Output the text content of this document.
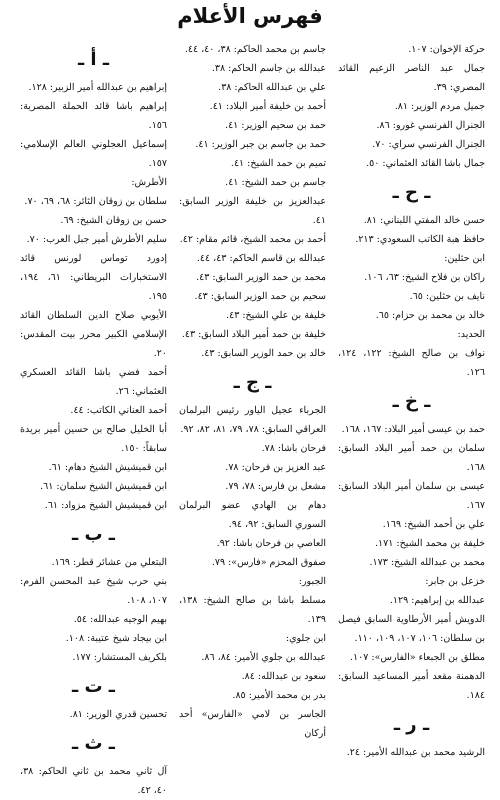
فهرس الأعلام
ـ أ ـ

إبراهيم بن عبدالله أمير الزبير: ١٢٨.

إبراهيم باشا قائد الحملة المصرية: ١٥٦.

إسماعيل العجلوني العالم الإسلامي: ١٥٧.

الأطرش:

سلطان بن زوقان الثائر: ٦٨، ٦٩، ٧٠.

حسن بن زوقان الشيخ: ٦٩.

سليم الأطرش أمير جبل العرب: ٧٠.

إدورد توماس لورنس قائد الاستخبارات البريطاني: ٦١، ١٩٤، ١٩٥.

الأيوبي صلاح الدين السلطان القائد الإسلامي الكبير محرر بيت المقدس: ٢٠.

أحمد فضي باشا القائد العسكري العثماني: ٢٦.

أحمد العناني الكاتب: ٤٤.

أبا الخليل صالح بن حسين أمير بريدة سابقاً: ١٥٠.

ابن قميشيش الشيخ دهام: ٦١.

ابن قميشيش الشيخ سلمان: ٦١.

ابن قميشيش الشيخ مزواد: ٦١.

ـ ب ـ

البتعلي من عشائر قطر: ١٦٩.

بني حرب شيخ عبد المحسن الفرم: ١٠٧، ١٠٨.

بهيم الوجيه عبدالله: ٥٤.

ابن بيجاد شيخ عتيبة: ١٠٨.

بلكريف المستشار: ١٧٧.

ـ ت ـ

تحسين قدري الوزير: ٨١.

ـ ث ـ

آل ثاني محمد بن ثاني الحاكم: ٣٨، ٤٠، ٤٢.

جاسم بن محمد الحاكم: ٣٨، ٤٠، ٤٤.

عبدالله بن جاسم الحاكم: ٣٨.

علي بن عبدالله الحاكم: ٣٨.

أحمد بن خليفة أمير البلاد: ٤١.

حمد بن سحيم الوزير: ٤١.

حمد بن جاسم بن جبر الوزير: ٤١.

تميم بن حمد الشيخ: ٤١.

جاسم بن حمد الشيخ: ٤١.

عبدالعزيز بن خليفة الوزير السابق: ٤١.

أحمد بن محمد الشيخ، قائم مقام: ٤٢.

عبدالله بن قاسم الحاكم: ٤٣، ٤٤.

محمد بن حمد الوزير السابق: ٤٣.

سحيم بن حمد الوزير السابق: ٤٣.

خليفة بن علي الشيخ: ٤٣.

خليفة بن حمد أمير البلاد السابق: ٤٣.

خالد بن حمد الوزير السابق: ٤٣.

ـ ج ـ

الجرباء عجيل الياور رئيس البرلمان العراقي السابق: ٧٨، ٧٩، ٨١، ٨٢، ٩٢.

فرحان باشا: ٧٨.

عبد العزيز بن فرحان: ٧٨.

مشعل بن فارس: ٧٨، ٧٩.

دهام بن الهادي عضو البرلمان السوري السابق: ٩٢، ٩٤.

العاصي بن فرحان باشا: ٩٢.

صفوق المحزم «فارس»: ٧٩.

الجبور:

مسلط باشا بن صالح الشيخ: ١٣٨، ١٣٩.

ابن جلوي:

عبدالله بن جلوي الأمير: ٨٤، ٨٦.

سعود بن عبدالله: ٨٤.

بدر بن محمد الأمير: ٨٥.

الجاسر بن لامي «الفارس» أحد أركان

حركة الإخوان: ١٠٧.

جمال عبد الناصر الزعيم القائد المصري: ٣٩.

جميل مردم الوزير: ٨١.

الجنرال الفرنسي غورو: ٨٦.

الجنرال الفرنسي سراي: ٧٠.

جمال باشا القائد العثماني: ٥٠.

ـ ح ـ

حسن خالد المفتي اللبناني: ٨١.

حافظ هبة الكاتب السعودي: ٢١٣.

ابن حثلين:

راكان بن فلاح الشيخ: ٦٣، ١٠٦.

نايف بن حثلين: ٦٥.

خالد بن محمد بن حزام: ٦٥.

الحديد:

نواف بن صالح الشيخ: ١٢٢، ١٢٤، ١٢٦.

ـ خ ـ

حمد بن عيسى أمير البلاد: ١٦٧، ١٦٨.

سلمان بن حمد أمير البلاد السابق: ١٦٨.

عيسى بن سلمان أمير البلاد السابق: ١٦٧.

علي بن أحمد الشيخ: ١٦٩.

خليفة بن محمد الشيخ: ١٧١.

محمد بن عبدالله الشيخ: ١٧٣.

خزعل بن جابر:

عبدالله بن إبراهيم: ١٢٩.

الدويش أمير الأرطاوية السابق فيصل بن سلطان: ١٠٦، ١٠٧، ١٠٩، ١١٠.

مطلق بن الجبعاء «الفارس»: ١٠٧.

الدهمنة مقعد أمير المساعيد السابق: ١٨٤.

ـ ر ـ

الرشيد محمد بن عبدالله الأمير: ٢٤.
